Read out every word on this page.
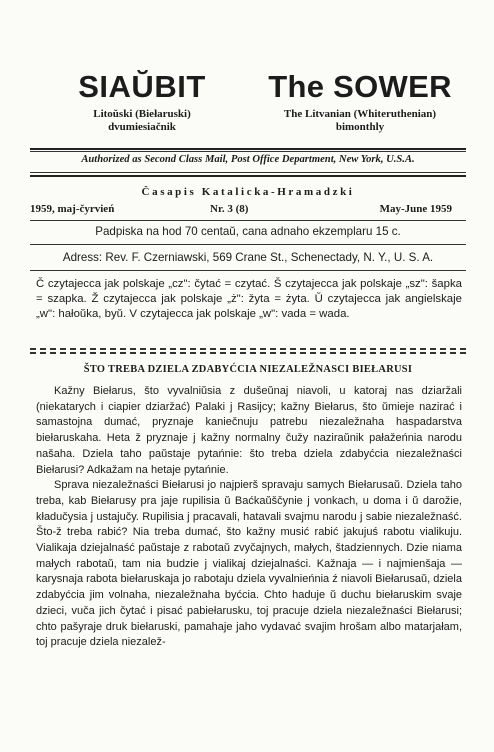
SIAŬBIT
Litoŭski (Biełaruski)
dvumiesiačnik
The SOWER
The Litvanian (Whiteruthenian)
bimonthly
Authorized as Second Class Mail, Post Office Department, New York, U.S.A.
Časapis Katalicka-Hramadzki
1959, maj-čyrvień	Nr. 3 (8)	May-June 1959
Padpiska na hod 70 centaŭ, cana adnaho ekzemplaru 15 c.
Adress: Rev. F. Czerniawski, 569 Crane St., Schenectady, N. Y., U. S. A.
Č czytajecca jak polskaje „cz": čytać = czytać. Š czytajecca jak polskaje „sz": šapka = szapka. Ž czytajecca jak polskaje „ż": žyta = żyta. Ŭ czytajecca jak angielskaje „w": hałoŭka, byŭ. V czytajecca jak polskaje „w": vada = wada.
ŠTO TREBA DZIELA ZDABYĆCIA NIEZALEŽNASCI BIEŁARUSI

Kažny Biełarus, što vyvalniŭsia z dušeŭnaj niavoli, u katoraj nas dziaržali (niekatarych i ciapier dziaržać) Palaki j Rasijcy; kažny Biełarus, što ŭmieje nazirać i samastojna dumać, pryznaje kaniečnuju patrebu niezaležnaha haspadarstva biełaruskaha. Heta ž pryznaje j kažny normalny čužy naziraŭnik pałažeńnia narodu našaha. Dziela taho paŭstaje pytańnie: što treba dziela zdabyćcia niezaležnaści Biełarusi? Adkažam na hetaje pytańnie.

Sprava niezaležnaści Biełarusi jo najpierš spravaju samych Biełarusaŭ. Dziela taho treba, kab Biełarusy pra jaje rupilisia ŭ Baćkaŭščynie j vonkach, u doma i ŭ darožie, kładučysia j ustajučy. Rupilisia j pracavali, hatavali svajmu narodu j sabie niezaležnaść. Što-ž treba rabić? Nia treba dumać, što kažny musić rabić jakujuś rabotu vialikuju. Vialikaja dziejalnaść paŭstaje z rabotaŭ zvyčajnych, małych, štadziennych. Dzie niama małych rabotaŭ, tam nia budzie j vialikaj dziejalnaści. Kažnaja — i najmienšaja — karysnaja rabota biełaruskaja jo rabotaju dziela vyvalnieńnia ź niavoli Biełarusaŭ, dziela zdabyćcia jim volnaha, niezaležnaha byćcia. Chto haduje ŭ duchu biełaruskim svaje dzieci, vuča jich čytać i pisać pabiełarusku, toj pracuje dziela niezaležnaści Biełarusi; chto pašyraje druk biełaruski, pamahaje jaho vydavać svajim hrošam albo matarjałam, toj pracuje dziela niezalež-
